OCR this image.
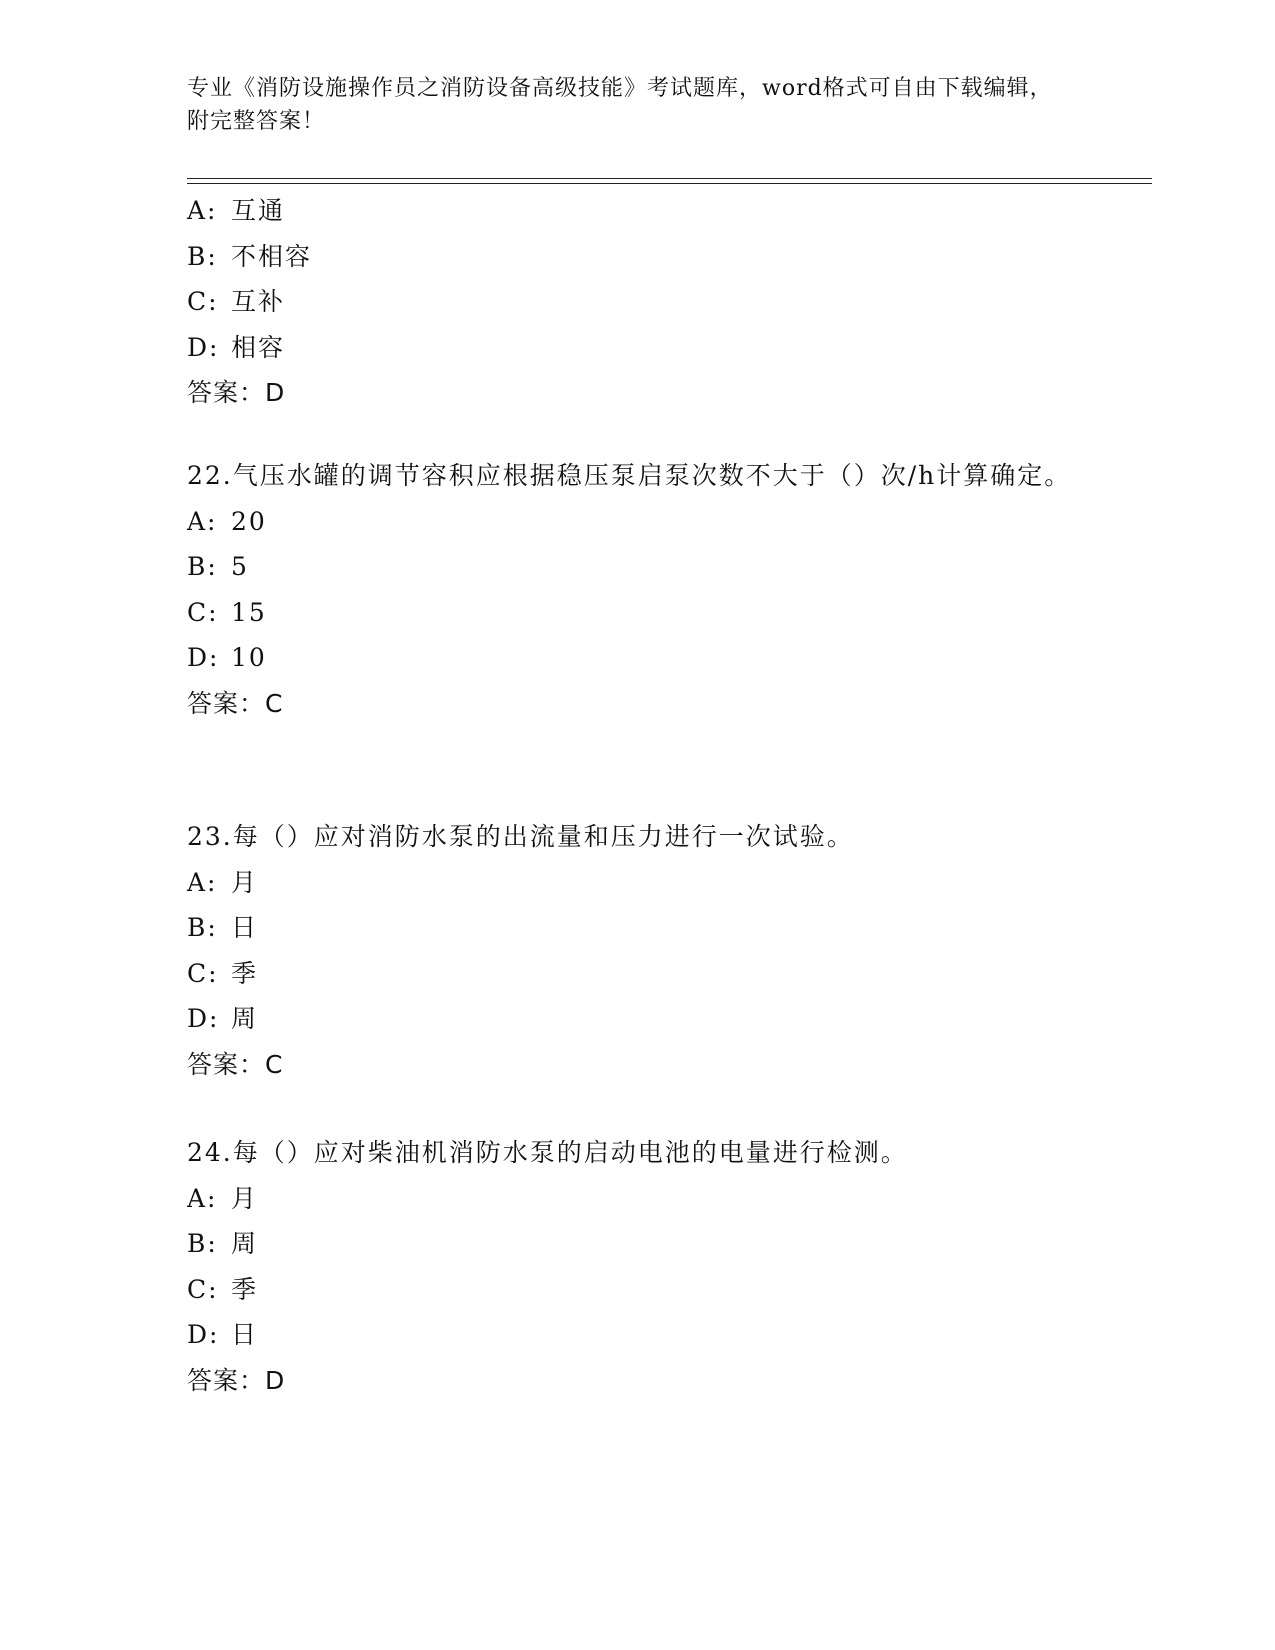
专业《消防设施操作员之消防设备高级技能》考试题库，word格式可自由下载编辑，附完整答案！
A: 互通
B: 不相容
C: 互补
D: 相容
答案：D
22.气压水罐的调节容积应根据稳压泵启泵次数不大于（）次/h计算确定。
A: 20
B: 5
C: 15
D: 10
答案：C
23.每（）应对消防水泵的出流量和压力进行一次试验。
A: 月
B: 日
C: 季
D: 周
答案：C
24.每（）应对柴油机消防水泵的启动电池的电量进行检测。
A: 月
B: 周
C: 季
D: 日
答案：D
